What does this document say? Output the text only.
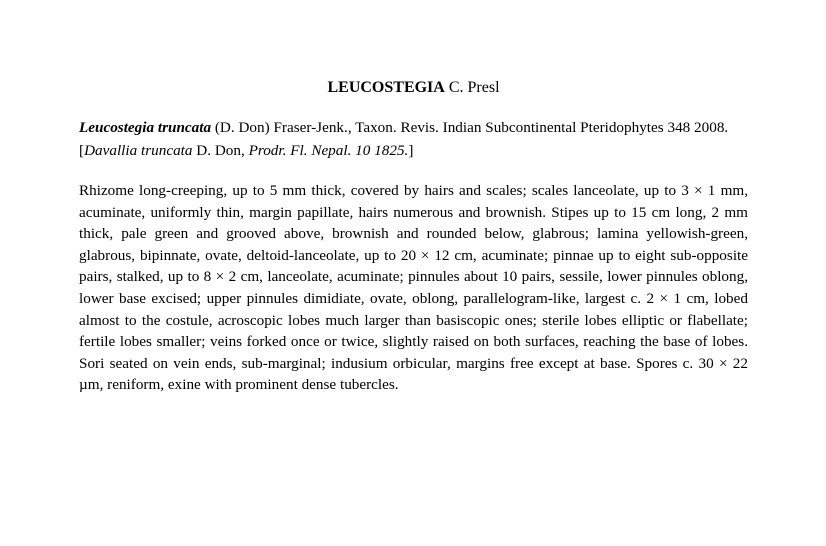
LEUCOSTEGIA C. Presl

Leucostegia truncata (D. Don) Fraser-Jenk., Taxon. Revis. Indian Subcontinental Pteridophytes 348 2008. [Davallia truncata D. Don, Prodr. Fl. Nepal. 10 1825.]

Rhizome long-creeping, up to 5 mm thick, covered by hairs and scales; scales lanceolate, up to 3 × 1 mm, acuminate, uniformly thin, margin papillate, hairs numerous and brownish. Stipes up to 15 cm long, 2 mm thick, pale green and grooved above, brownish and rounded below, glabrous; lamina yellowish-green, glabrous, bipinnate, ovate, deltoid-lanceolate, up to 20 × 12 cm, acuminate; pinnae up to eight sub-opposite pairs, stalked, up to 8 × 2 cm, lanceolate, acuminate; pinnules about 10 pairs, sessile, lower pinnules oblong, lower base excised; upper pinnules dimidiate, ovate, oblong, parallelogram-like, largest c. 2 × 1 cm, lobed almost to the costule, acroscopic lobes much larger than basiscopic ones; sterile lobes elliptic or flabellate; fertile lobes smaller; veins forked once or twice, slightly raised on both surfaces, reaching the base of lobes. Sori seated on vein ends, sub-marginal; indusium orbicular, margins free except at base. Spores c. 30 × 22 µm, reniform, exine with prominent dense tubercles.
